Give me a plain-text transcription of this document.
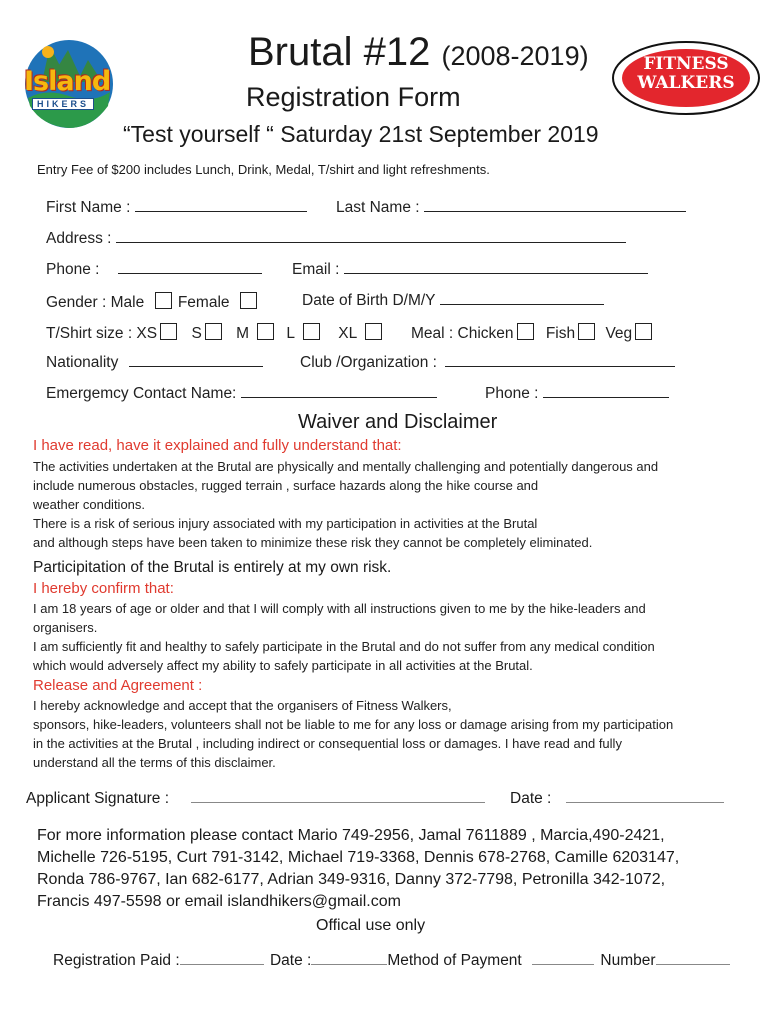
Island
HIKERS
FITNESS
WALKERS
Brutal #12 (2008-2019)
Registration Form
“Test yourself “ Saturday 21st September 2019
Entry Fee of $200 includes Lunch, Drink, Medal, T/shirt and light refreshments.
First Name :	Last Name :
Address :
Phone :	Email :
Gender : Male Female	Date of Birth D/M/Y
T/Shirt size : XS S M L	XL	Meal : Chicken Fish Veg
Nationality	Club /Organization :
Emergemcy Contact Name:	Phone :
Waiver and Disclaimer
I have read, have it explained and fully understand that:
The activities undertaken at the Brutal are physically and mentally challenging and potentially dangerous and
include numerous obstacles, rugged terrain , surface hazards along the hike course and
weather conditions.
There is a risk of serious injury associated with my participation in activities at the Brutal
and although steps have been taken to minimize these risk they cannot be completely eliminated.
Participitation of the Brutal is entirely at my own risk.
I hereby confirm that:
I am 18 years of age or older and that I will comply with all instructions given to me by the hike-leaders and
organisers.
I am sufficiently fit and healthy to safely participate in the Brutal and do not suffer from any medical condition
which would adversely affect my ability to safely participate in all activities at the Brutal.
Release and Agreement :
I hereby acknowledge and accept that the organisers of Fitness Walkers,
sponsors, hike-leaders, volunteers shall not be liable to me for any loss or damage arising from my participation
in the activities at the Brutal , including indirect or consequential loss or damages. I have read and fully
understand all the terms of this disclaimer.
Applicant Signature :	Date :
For more information please contact Mario 749-2956, Jamal 7611889 , Marcia,490-2421,
Michelle 726-5195, Curt 791-3142, Michael 719-3368, Dennis 678-2768, Camille 6203147,
Ronda 786-9767, Ian 682-6177, Adrian 349-9316, Danny 372-7798, Petronilla 342-1072,
Francis 497-5598 or email islandhikers@gmail.com
Offical use only
Registration Paid :	Date :	Method of Payment	Number
